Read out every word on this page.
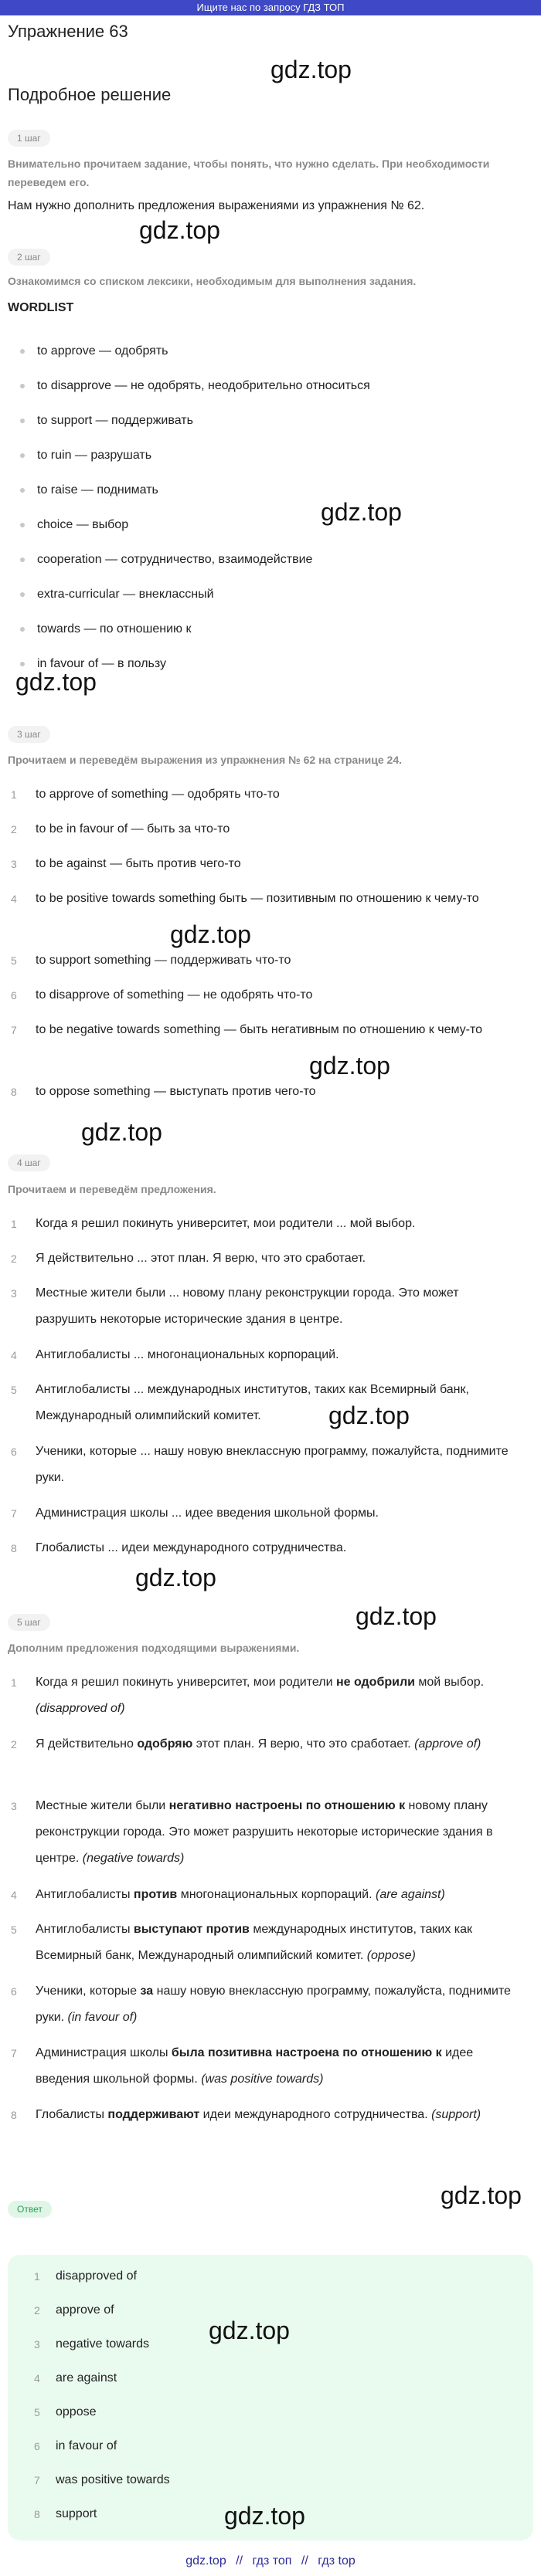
Ищите нас по запросу ГДЗ ТОП
Упражнение 63
gdz.top
Подробное решение
1 шаг
Внимательно прочитаем задание, чтобы понять, что нужно сделать. При необходимости переведем его.
Нам нужно дополнить предложения выражениями из упражнения № 62.
gdz.top
2 шаг
Ознакомимся со списком лексики, необходимым для выполнения задания.
WORDLIST
to approve — одобрять
to disapprove — не одобрять, неодобрительно относиться
to support — поддерживать
to ruin — разрушать
to raise — поднимать
choice — выбор
cooperation — сотрудничество, взаимодействие
extra-curricular — внеклассный
towards — по отношению к
in favour of — в пользу
gdz.top
gdz.top
3 шаг
Прочитаем и переведём выражения из упражнения № 62 на странице 24.
1	to approve of something — одобрять что-то
2	to be in favour of — быть за что-то
3	to be against — быть против чего-то
4	to be positive towards something быть — позитивным по отношению к чему-то
5	to support something — поддерживать что-то
6	to disapprove of something — не одобрять что-то
7	to be negative towards something — быть негативным по отношению к чему-то
8	to oppose something — выступать против чего-то
gdz.top
gdz.top
gdz.top
4 шаг
Прочитаем и переведём предложения.
1	Когда я решил покинуть университет, мои родители ... мой выбор.
2	Я действительно ... этот план. Я верю, что это сработает.
3	Местные жители были ... новому плану реконструкции города. Это может разрушить некоторые исторические здания в центре.
4	Антиглобалисты ... многонациональных корпораций.
5	Антиглобалисты ... международных институтов, таких как Всемирный банк, Международный олимпийский комитет.
6	Ученики, которые ... нашу новую внеклассную программу, пожалуйста, поднимите руки.
7	Администрация школы ... идее введения школьной формы.
8	Глобалисты ... идеи международного сотрудничества.
gdz.top
gdz.top
gdz.top
5 шаг
Дополним предложения подходящими выражениями.
1	Когда я решил покинуть университет, мои родители не одобрили мой выбор. (disapproved of)
2	Я действительно одобряю этот план. Я верю, что это сработает. (approve of)
3	Местные жители были негативно настроены по отношению к новому плану реконструкции города. Это может разрушить некоторые исторические здания в центре. (negative towards)
4	Антиглобалисты против многонациональных корпораций. (are against)
5	Антиглобалисты выступают против международных институтов, таких как Всемирный банк, Международный олимпийский комитет. (oppose)
6	Ученики, которые за нашу новую внеклассную программу, пожалуйста, поднимите руки. (in favour of)
7	Администрация школы была позитивна настроена по отношению к идее введения школьной формы. (was positive towards)
8	Глобалисты поддерживают идеи международного сотрудничества. (support)
gdz.top
Ответ
1 disapproved of
2 approve of
3 negative towards
4 are against
5 oppose
6 in favour of
7 was positive towards
8 support
gdz.top
gdz.top
gdz.top // гдз топ // гдз top
